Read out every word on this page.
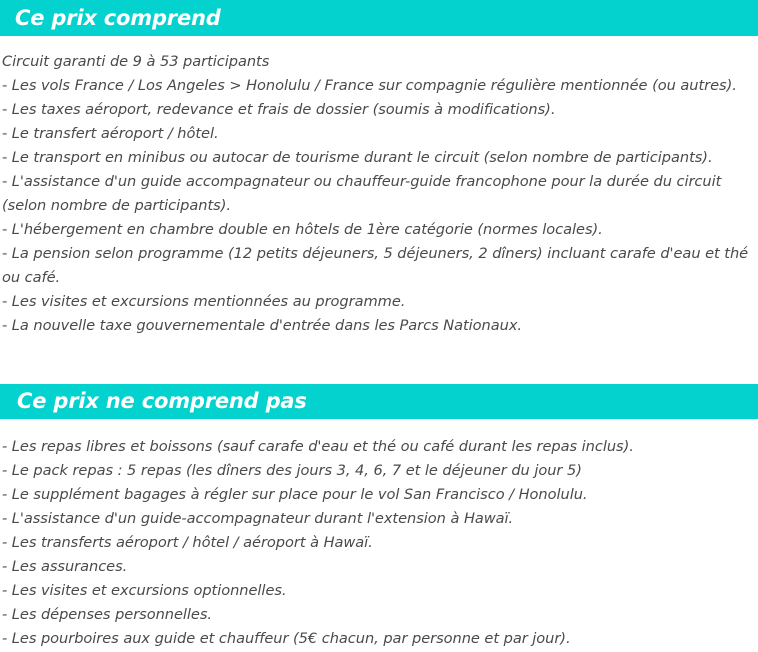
Ce prix comprend
Circuit garanti de 9 à 53 participants
- Les vols France / Los Angeles > Honolulu / France sur compagnie régulière mentionnée (ou autres).
- Les taxes aéroport, redevance et frais de dossier (soumis à modifications).
- Le transfert aéroport / hôtel.
- Le transport en minibus ou autocar de tourisme durant le circuit (selon nombre de participants).
- L'assistance d'un guide accompagnateur ou chauffeur-guide francophone pour la durée du circuit (selon nombre de participants).
- L'hébergement en chambre double en hôtels de 1ère catégorie (normes locales).
- La pension selon programme (12 petits déjeuners, 5 déjeuners, 2 dîners) incluant carafe d'eau et thé ou café.
- Les visites et excursions mentionnées au programme.
- La nouvelle taxe gouvernementale d'entrée dans les Parcs Nationaux.
Ce prix ne comprend pas
- Les repas libres et boissons (sauf carafe d'eau et thé ou café durant les repas inclus).
- Le pack repas : 5 repas (les dîners des jours 3, 4, 6, 7 et le déjeuner du jour 5)
- Le supplément bagages à régler sur place pour le vol San Francisco / Honolulu.
- L'assistance d'un guide-accompagnateur durant l'extension à Hawaï.
- Les transferts aéroport / hôtel / aéroport à Hawaï.
- Les assurances.
- Les visites et excursions optionnelles.
- Les dépenses personnelles.
- Les pourboires aux guide et chauffeur (5€ chacun, par personne et par jour).
